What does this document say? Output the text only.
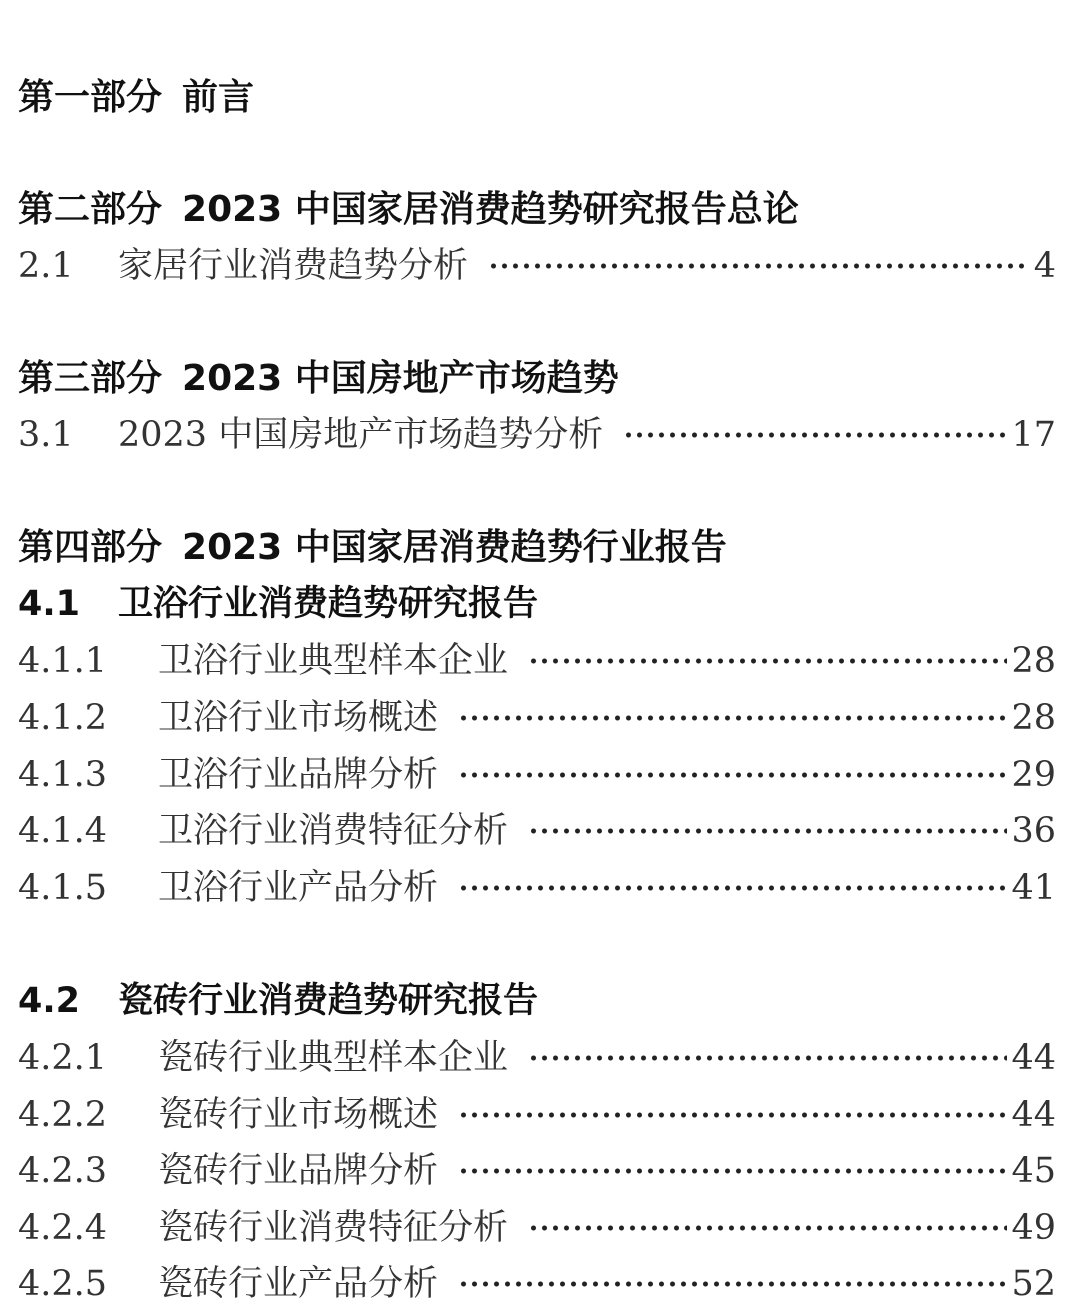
第一部分 前言
第二部分 2023 中国家居消费趋势研究报告总论
2.1	家居行业消费趋势分析	4
第三部分 2023 中国房地产市场趋势
3.1	2023 中国房地产市场趋势分析	17
第四部分 2023 中国家居消费趋势行业报告
4.1 卫浴行业消费趋势研究报告
4.1.1	卫浴行业典型样本企业	28
4.1.2	卫浴行业市场概述	28
4.1.3	卫浴行业品牌分析	29
4.1.4	卫浴行业消费特征分析	36
4.1.5	卫浴行业产品分析	41
4.2 瓷砖行业消费趋势研究报告
4.2.1	瓷砖行业典型样本企业	44
4.2.2	瓷砖行业市场概述	44
4.2.3	瓷砖行业品牌分析	45
4.2.4	瓷砖行业消费特征分析	49
4.2.5	瓷砖行业产品分析	52
